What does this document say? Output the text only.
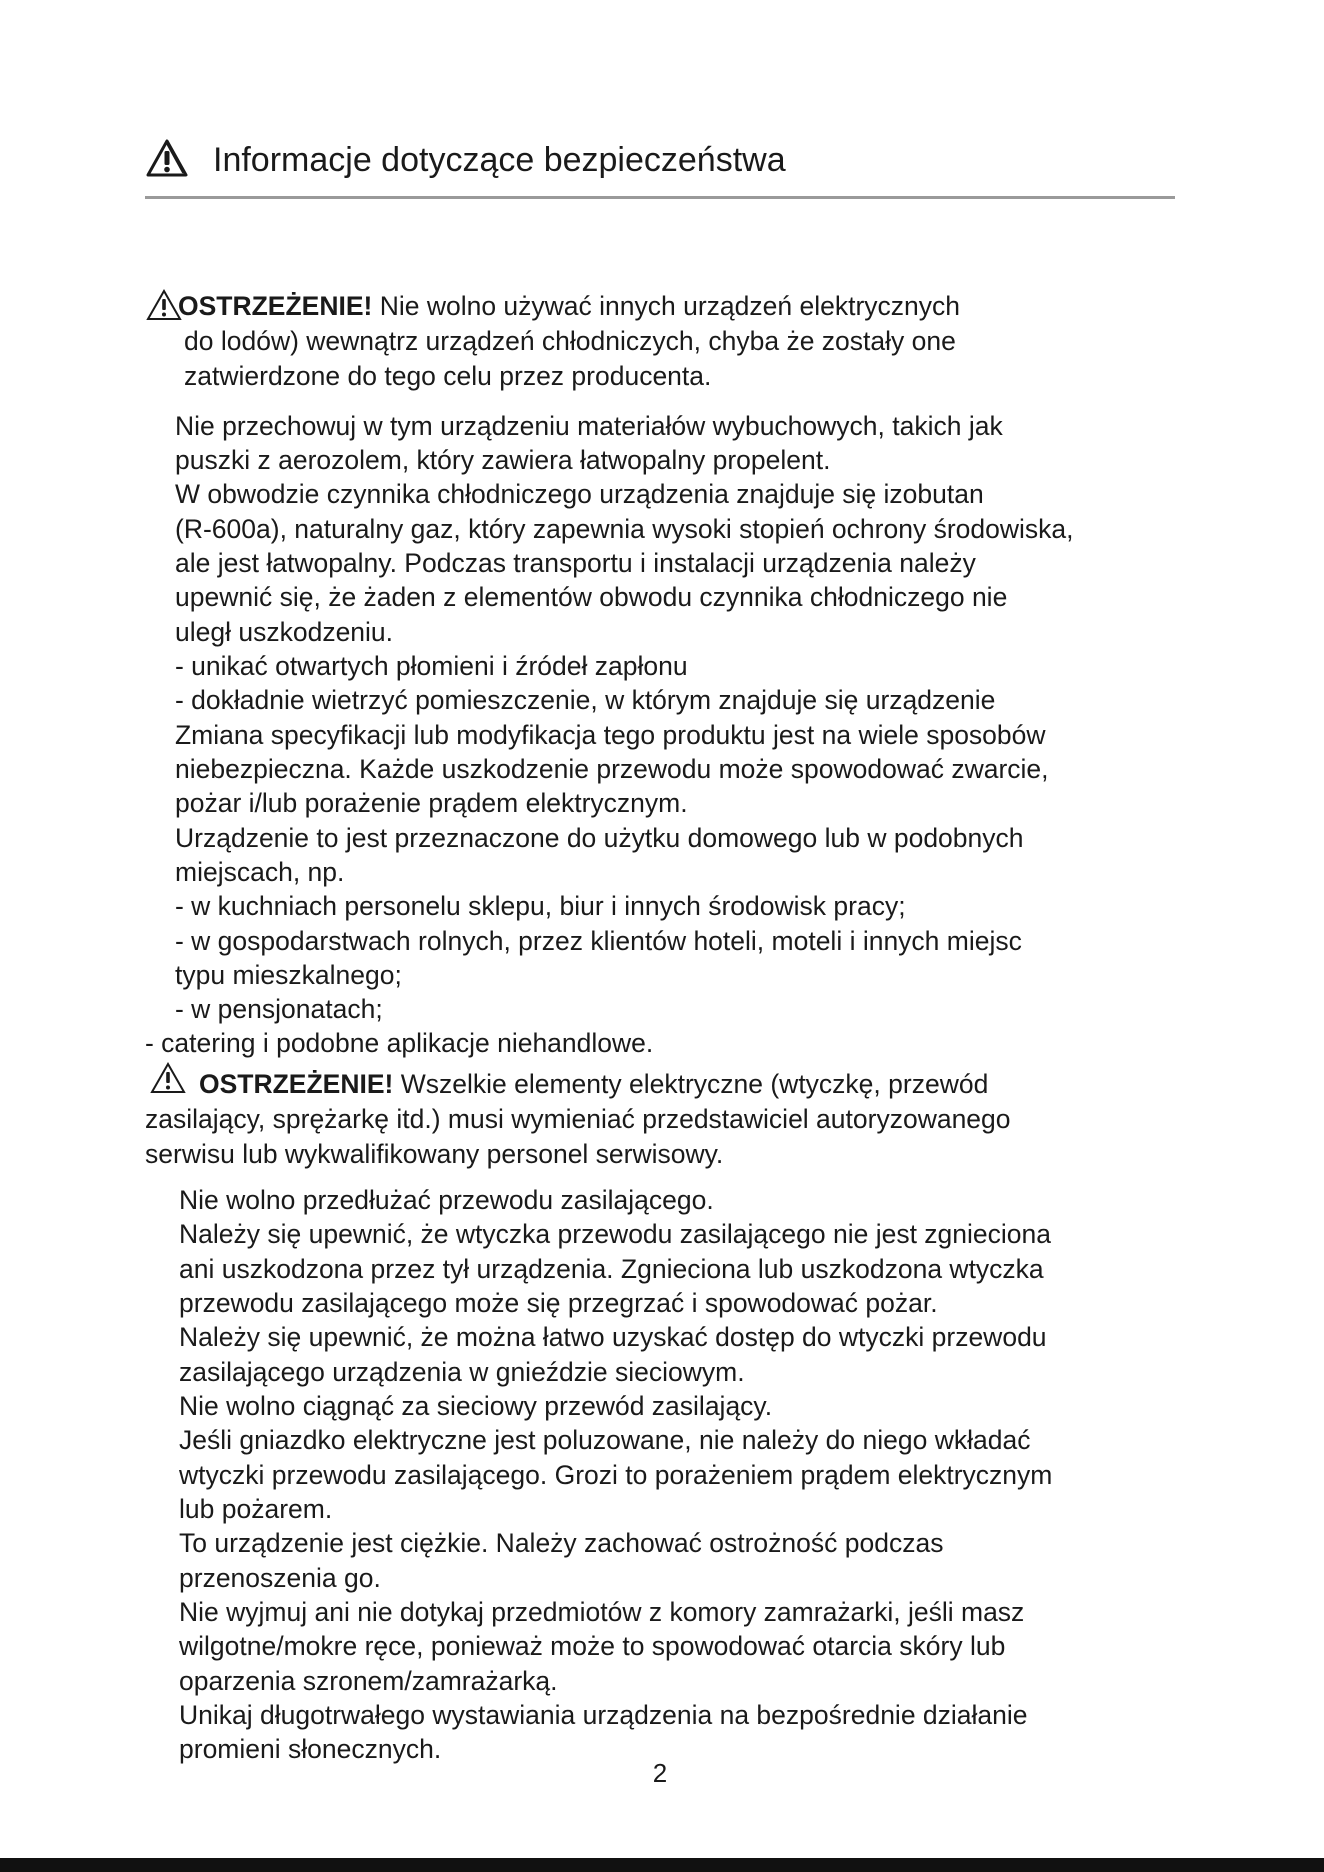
Informacje dotyczące bezpieczeństwa
OSTRZEŻENIE! Nie wolno używać innych urządzeń elektrycznych
do lodów) wewnątrz urządzeń chłodniczych, chyba że zostały one
zatwierdzone do tego celu przez producenta.
Nie przechowuj w tym urządzeniu materiałów wybuchowych, takich jak
puszki z aerozolem, który zawiera łatwopalny propelent.
W obwodzie czynnika chłodniczego urządzenia znajduje się izobutan
(R-600a), naturalny gaz, który zapewnia wysoki stopień ochrony środowiska,
ale jest łatwopalny. Podczas transportu i instalacji urządzenia należy
upewnić się, że żaden z elementów obwodu czynnika chłodniczego nie
uległ uszkodzeniu.
- unikać otwartych płomieni i źródeł zapłonu
- dokładnie wietrzyć pomieszczenie, w którym znajduje się urządzenie
Zmiana specyfikacji lub modyfikacja tego produktu jest na wiele sposobów
niebezpieczna. Każde uszkodzenie przewodu może spowodować zwarcie,
pożar i/lub porażenie prądem elektrycznym.
Urządzenie to jest przeznaczone do użytku domowego lub w podobnych
miejscach, np.
- w kuchniach personelu sklepu, biur i innych środowisk pracy;
- w gospodarstwach rolnych, przez klientów hoteli, moteli i innych miejsc
typu mieszkalnego;
- w pensjonatach;
- catering i podobne aplikacje niehandlowe.
OSTRZEŻENIE! Wszelkie elementy elektryczne (wtyczkę, przewód
zasilający, sprężarkę itd.) musi wymieniać przedstawiciel autoryzowanego
serwisu lub wykwalifikowany personel serwisowy.
Nie wolno przedłużać przewodu zasilającego.
Należy się upewnić, że wtyczka przewodu zasilającego nie jest zgnieciona
ani uszkodzona przez tył urządzenia. Zgnieciona lub uszkodzona wtyczka
przewodu zasilającego może się przegrzać i spowodować pożar.
Należy się upewnić, że można łatwo uzyskać dostęp do wtyczki przewodu
zasilającego urządzenia w gnieździe sieciowym.
Nie wolno ciągnąć za sieciowy przewód zasilający.
Jeśli gniazdko elektryczne jest poluzowane, nie należy do niego wkładać
wtyczki przewodu zasilającego. Grozi to porażeniem prądem elektrycznym
lub pożarem.
To urządzenie jest ciężkie. Należy zachować ostrożność podczas
przenoszenia go.
Nie wyjmuj ani nie dotykaj przedmiotów z komory zamrażarki, jeśli masz
wilgotne/mokre ręce, ponieważ może to spowodować otarcia skóry lub
oparzenia szronem/zamrażarką.
Unikaj długotrwałego wystawiania urządzenia na bezpośrednie działanie
promieni słonecznych.
2
